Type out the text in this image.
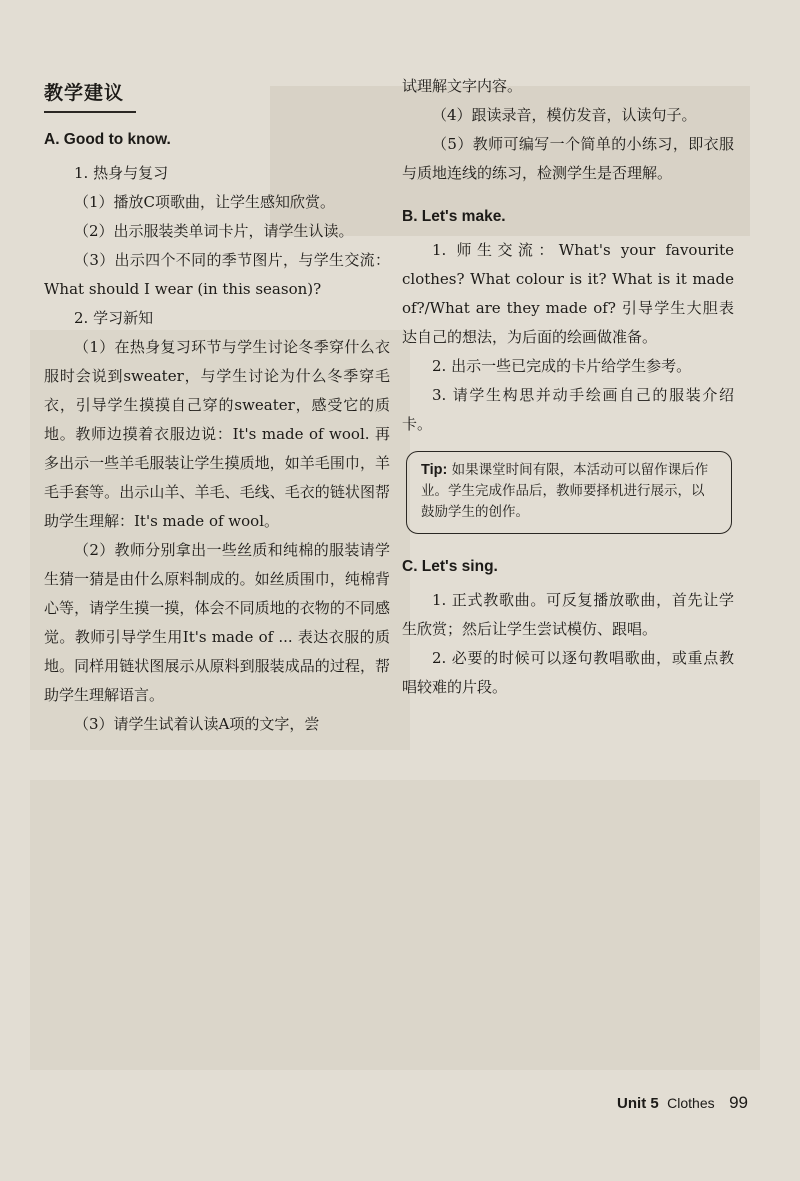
教学建议
A. Good to know.

1. 热身与复习

（1）播放C项歌曲，让学生感知欣赏。

（2）出示服装类单词卡片，请学生认读。

（3）出示四个不同的季节图片，与学生交流：What should I wear (in this season)?

2. 学习新知

（1）在热身复习环节与学生讨论冬季穿什么衣服时会说到sweater，与学生讨论为什么冬季穿毛衣，引导学生摸摸自己穿的sweater，感受它的质地。教师边摸着衣服边说：It's made of wool. 再多出示一些羊毛服装让学生摸质地，如羊毛围巾，羊毛手套等。出示山羊、羊毛、毛线、毛衣的链状图帮助学生理解：It's made of wool。

（2）教师分别拿出一些丝质和纯棉的服装请学生猜一猜是由什么原料制成的。如丝质围巾，纯棉背心等，请学生摸一摸，体会不同质地的衣物的不同感觉。教师引导学生用It's made of ... 表达衣服的质地。同样用链状图展示从原料到服装成品的过程，帮助学生理解语言。

（3）请学生试着认读A项的文字，尝

试理解文字内容。

（4）跟读录音，模仿发音，认读句子。

（5）教师可编写一个简单的小练习，即衣服与质地连线的练习，检测学生是否理解。

B. Let's make.

1. 师生交流：What's your favourite clothes? What colour is it? What is it made of?/What are they made of? 引导学生大胆表达自己的想法，为后面的绘画做准备。

2. 出示一些已完成的卡片给学生参考。

3. 请学生构思并动手绘画自己的服装介绍卡。

Tip: 如果课堂时间有限，本活动可以留作课后作业。学生完成作品后，教师要择机进行展示，以鼓励学生的创作。
C. Let's sing.

1. 正式教歌曲。可反复播放歌曲，首先让学生欣赏；然后让学生尝试模仿、跟唱。

2. 必要的时候可以逐句教唱歌曲，或重点教唱较难的片段。

Unit 5 Clothes 99
